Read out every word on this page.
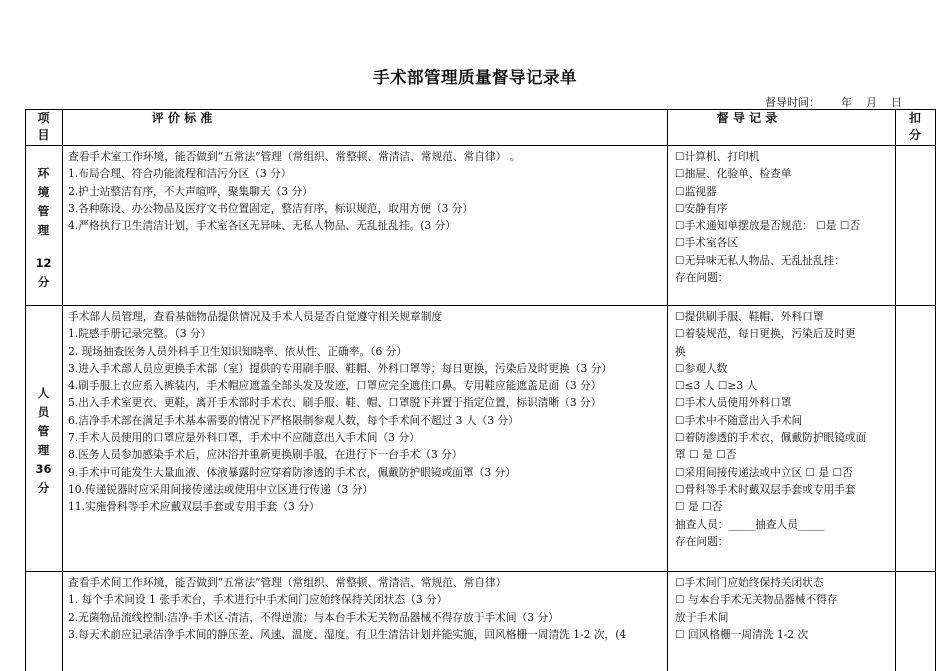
手术部管理质量督导记录单
督导时间：      年    月    日
项
目
评 价 标 准	督 导 记 录	扣
分
环
境
管
理
12
分
查看手术室工作环境，能否做到“五常法”管理（常组织、常整顿、常清洁、常规范、常自律） 。
1.布局合理、符合功能流程和洁污分区（3 分）
2.护士站整洁有序，不大声喧哗，聚集聊天（3 分）
3.各种陈设、办公物品及医疗文书位置固定，整洁有序，标识规范，取用方便（3 分）
4.严格执行卫生清洁计划，手术室各区无异味、无私人物品、无乱扯乱挂。(3 分）
☐计算机、打印机
☐抽屉、化验单、检查单
☐监视器
☐安静有序
☐手术通知单摆放是否规范： ☐是 ☐否
☐手术室各区
☐无异味无私人物品、无乱扯乱挂：
存在问题：
人
员
管
理
36
分
手术部人员管理，查看基础物品提供情况及手术人员是否自觉遵守相关规章制度
1.院感手册记录完整。（3 分）
2. 现场抽查医务人员外科手卫生知识知晓率、依从性、正确率。（6 分）
3.进入手术部人员应更换手术部（室）提供的专用刷手服、鞋帽、外科口罩等；每日更换，污染后及时更换（3 分）
4.刷手服上衣应系入裤装内，手术帽应遮盖全部头发及发迹，口罩应完全遮住口鼻。专用鞋应能遮盖足面（3 分）
5.出入手术室更衣、更鞋，离开手术部时手术衣、刷手服、鞋、帽、口罩脱下并置于指定位置，标识清晰（3 分）
6.洁净手术部在满足手术基本需要的情况下严格限制参观人数，每个手术间不超过 3 人（3 分）
7.手术人员使用的口罩应是外科口罩，手术中不应随意出入手术间（3 分）
8.医务人员参加感染手术后，应沐浴并重新更换刷手服，在进行下一台手术（3 分）
9.手术中可能发生大量血液、体液暴露时应穿着防渗透的手术衣，佩戴防护眼镜或面罩（3 分）
10.传递锐器时应采用间接传递法或使用中立区进行传递（3 分）
11.实施骨科等手术应戴双层手套或专用手套（3 分）
☐提供刷手服、鞋帽、外科口罩
☐着装规范，每日更换，污染后及时更
换
☐参观人数
☐≤3 人 ☐≥3 人
☐手术人员使用外科口罩
☐手术中不随意出入手术间
☐着防渗透的手术衣，佩戴防护眼镜或面
罩 ☐ 是 ☐否
☐采用间接传递法或中立区 ☐ 是 ☐否
☐骨科等手术时戴双层手套或专用手套
☐ 是 ☐否
抽查人员：_____抽查人员_____
存在问题：
查看手术间工作环境，能否做到“五常法”管理（常组织、常整顿、常清洁、常规范、常自律）
1. 每个手术间设 1 张手术台，手术进行中手术间门应始终保持关闭状态（3 分）
2.无菌物品流线控制:洁净-手术区-清洁，不得逆流；与本台手术无关物品器械不得存放于手术间（3 分）
3.每天术前应记录洁净手术间的静压差、风速、温度、湿度。有卫生清洁计划并能实施，回风格栅一周清洗 1-2 次，(4
☐手术间门应始终保持关闭状态
☐ 与本台手术无关物品器械不得存
放于手术间
☐ 回风格栅一周清洗 1-2 次
